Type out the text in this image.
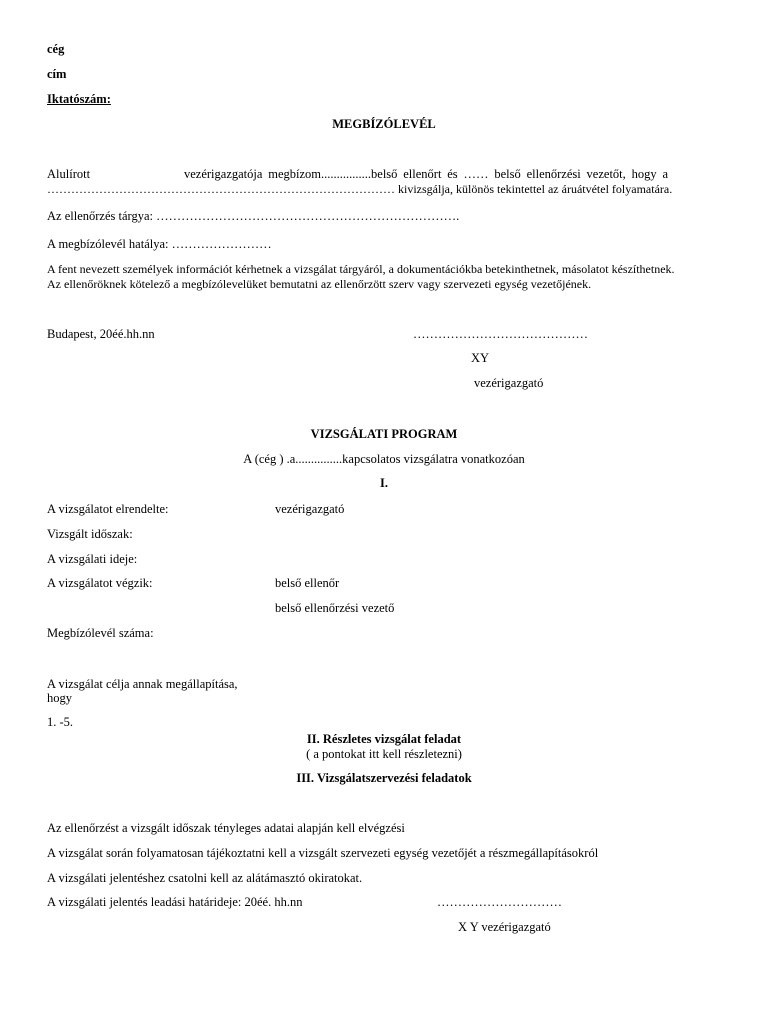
cég
cím
Iktatószám:
MEGBÍZÓLEVÉL
Alulírott	vezérigazgatója megbízom................belső ellenőrt és …… belső ellenőrzési vezetőt, hogy a
…………………………………………………………………………… kivizsgálja, különös tekintettel az áruátvétel folyamatára.
Az ellenőrzés tárgya: ……………………………………………………………….
A megbízólevél hatálya: ……………………
A fent nevezett személyek információt kérhetnek a vizsgálat tárgyáról, a dokumentációkba betekinthetnek, másolatot készíthetnek.
Az ellenőröknek kötelező a megbízólevelüket bemutatni az ellenőrzött szerv vagy szervezeti egység vezetőjének.
Budapest, 20éé.hh.nn	……………………………………
XY
vezérigazgató
VIZSGÁLATI PROGRAM
A (cég ) .a...............kapcsolatos vizsgálatra vonatkozóan
I.
A vizsgálatot elrendelte:	vezérigazgató
Vizsgált időszak:
A vizsgálati ideje:
A vizsgálatot végzik:	belső ellenőr
belső ellenőrzési vezető
Megbízólevél száma:
A vizsgálat célja annak megállapítása,
hogy
1. -5.
II. Részletes vizsgálat feladat
( a pontokat itt kell részletezni)
III. Vizsgálatszervezési feladatok
Az ellenőrzést a vizsgált időszak tényleges adatai alapján kell elvégzési
A vizsgálat során folyamatosan tájékoztatni kell a vizsgált szervezeti egység vezetőjét a részmegállapításokról
A vizsgálati jelentéshez csatolni kell az alátámasztó okiratokat.
A vizsgálati jelentés leadási határideje: 20éé. hh.nn	…………………………
X Y vezérigazgató
